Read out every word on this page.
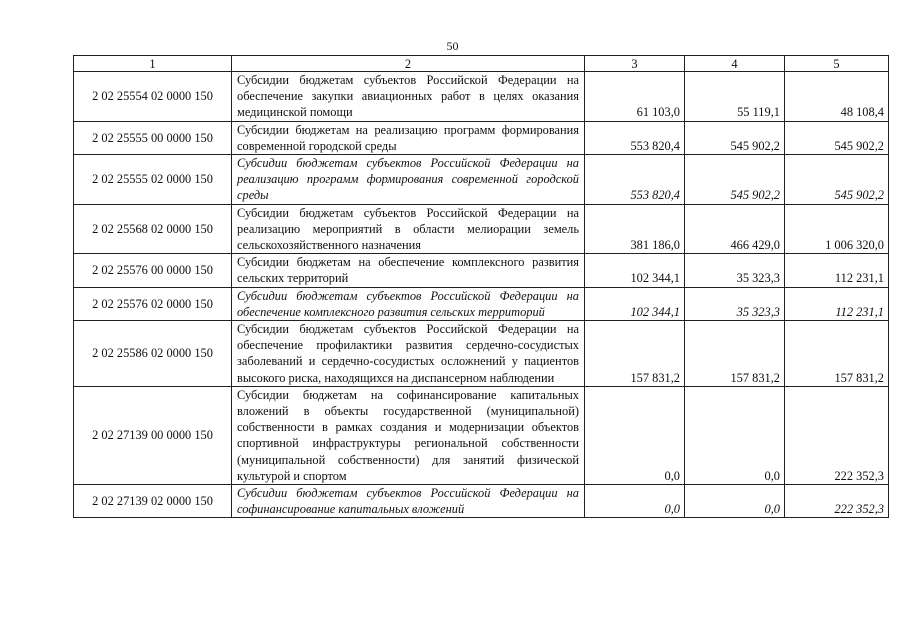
50
1	2	3	4	5
2 02 25554 02 0000 150	Субсидии бюджетам субъектов Российской Федерации на обеспечение закупки авиационных работ в целях оказания медицинской помощи	61 103,0	55 119,1	48 108,4
2 02 25555 00 0000 150	Субсидии бюджетам на реализацию программ формирования современной городской среды	553 820,4	545 902,2	545 902,2
2 02 25555 02 0000 150	Субсидии бюджетам субъектов Российской Федерации на реализацию программ формирования современной городской среды	553 820,4	545 902,2	545 902,2
2 02 25568 02 0000 150	Субсидии бюджетам субъектов Российской Федерации на реализацию мероприятий в области мелиорации земель сельскохозяйственного назначения	381 186,0	466 429,0	1 006 320,0
2 02 25576 00 0000 150	Субсидии бюджетам на обеспечение комплексного развития сельских территорий	102 344,1	35 323,3	112 231,1
2 02 25576 02 0000 150	Субсидии бюджетам субъектов Российской Федерации на обеспечение комплексного развития сельских территорий	102 344,1	35 323,3	112 231,1
2 02 25586 02 0000 150	Субсидии бюджетам субъектов Российской Федерации на обеспечение профилактики развития сердечно-сосудистых заболеваний и сердечно-сосудистых осложнений у пациентов высокого риска, находящихся на диспансерном наблюдении	157 831,2	157 831,2	157 831,2
2 02 27139 00 0000 150	Субсидии бюджетам на софинансирование капитальных вложений в объекты государственной (муниципальной) собственности в рамках создания и модернизации объектов спортивной инфраструктуры региональной собственности (муниципальной собственности) для занятий физической культурой и спортом	0,0	0,0	222 352,3
2 02 27139 02 0000 150	Субсидии бюджетам субъектов Российской Федерации на софинансирование капитальных вложений	0,0	0,0	222 352,3
